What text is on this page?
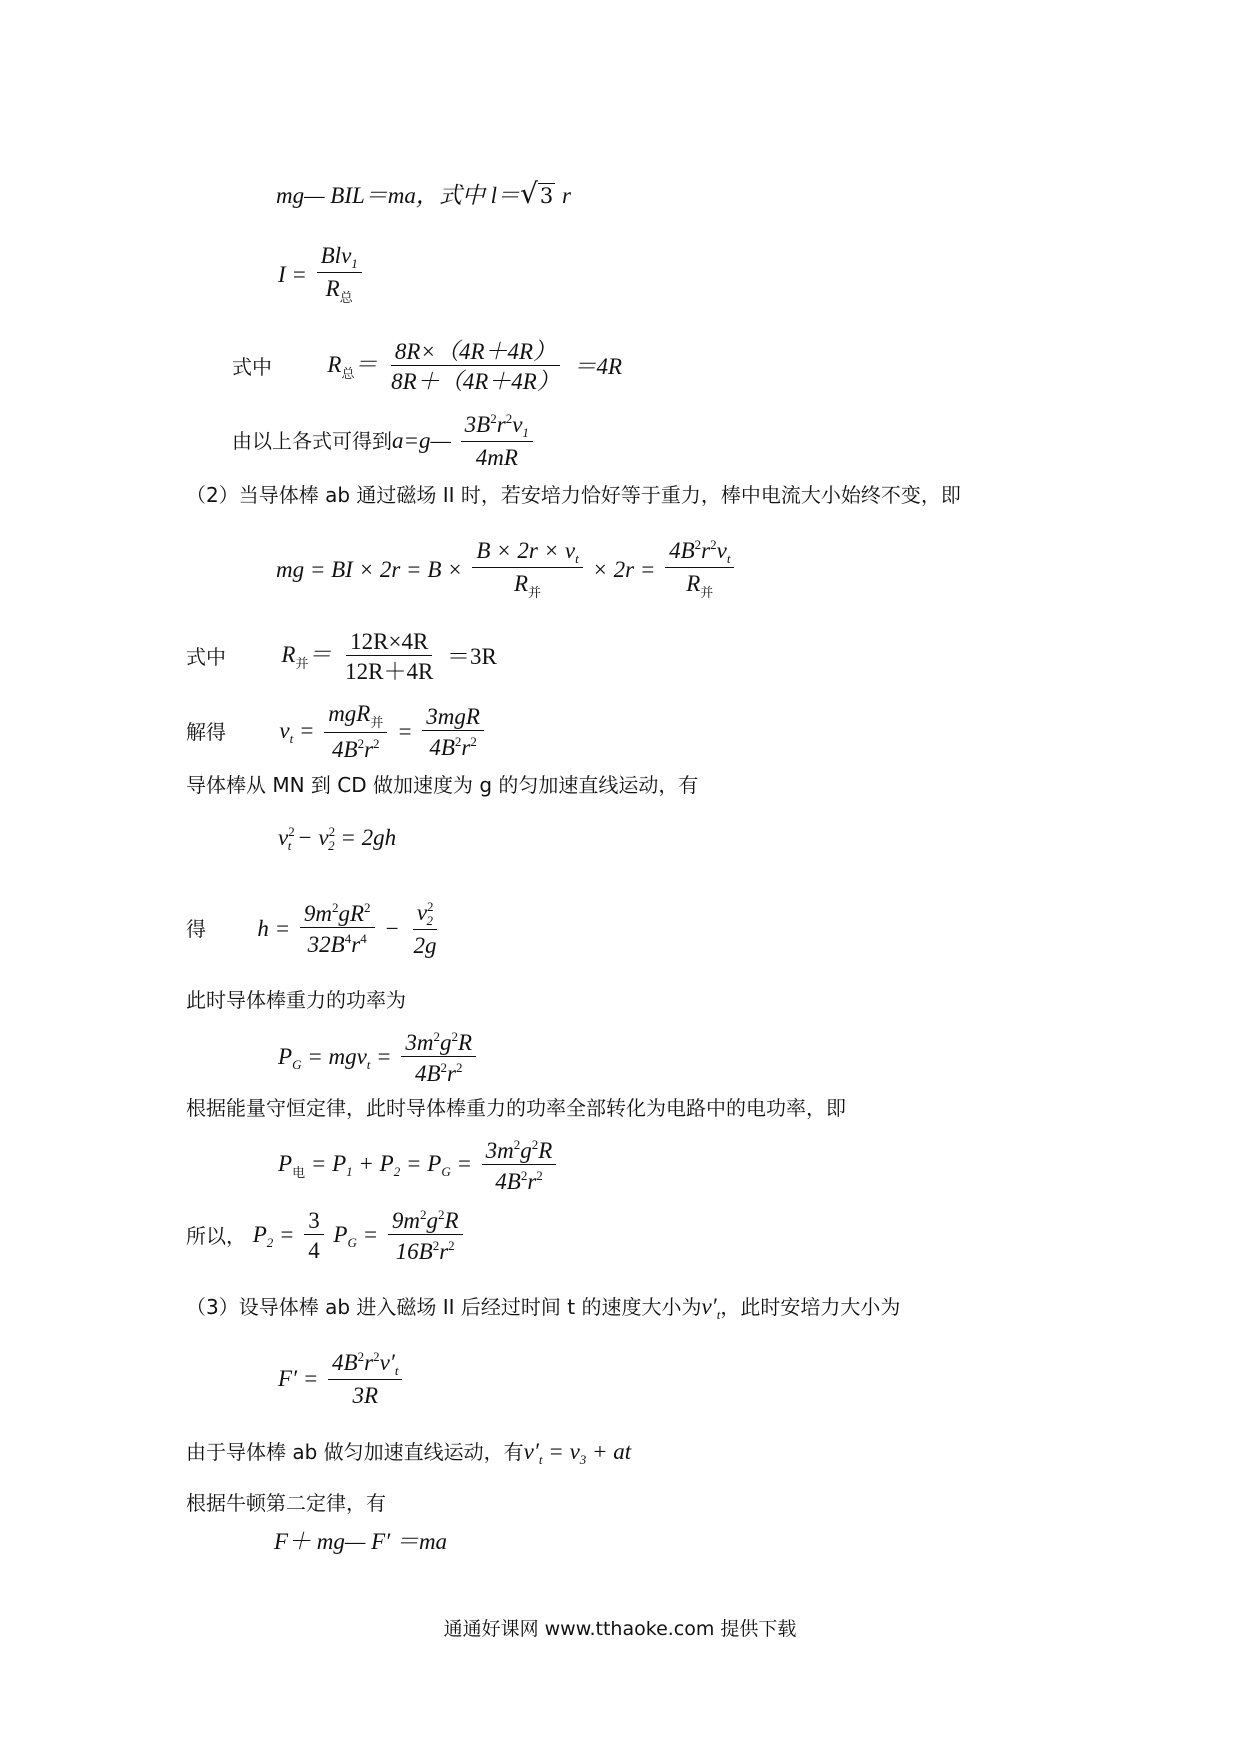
mg— BIL＝ma，式中 l＝√3 r
$I = \frac{Blv_1}{R_总}$
式中 $R_总= \frac{8R\times(4R+4R)}{8R+(4R+4R)} =4R$
由以上各式可得到a=g— $\frac{3B^2r^2v_1}{4mR}$
（2）当导体棒 ab 通过磁场 II 时，若安培力恰好等于重力，棒中电流大小始终不变，即
mg = BI × $2r = B \times \frac{B \times 2r \times v_t}{R_并} \times 2r = \frac{4B^2r^2v_t}{R_并}$
式中 $R_并= \frac{12R\times 4R}{12R+4R} =3R$
解得 $v_t = \frac{mgR_并}{4B^2r^2} = \frac{\text{3mgR}}{4B^2r^2}$
导体棒从 MN 到 CD 做加速度为 g 的匀加速直线运动，有
$v^2_t - v^2_2 = 2gh$
得 $h = \frac{9m^2gR^2}{32B^4r^4} - \frac{v^2_2}{2g}$
此时导体棒重力的功率为
$P_G = mgv_t = \frac{3m^2g^2R}{4B^2r^2}$
根据能量守恒定律，此时导体棒重力的功率全部转化为电路中的电功率，即
$P_电 = P_1 + P_2 = P_G = \frac{3m^2g^2R}{4B^2r^2}$
所以， $P_2 = \frac{3}{4} P_G = \frac{9m^2g^2R}{16B^2r^2}$
（3）设导体棒 ab 进入磁场 II 后经过时间 t 的速度大小为$v'_t$，此时安培力大小为
$F' = \frac{4B^2r^2v'_t}{3R}$
由于导体棒 ab 做匀加速直线运动，有$v'_t = v_3$ + at
根据牛顿第二定律，有
F＋ mg— F′ ＝ma
通通好课网 www.tthaoke.com 提供下载
